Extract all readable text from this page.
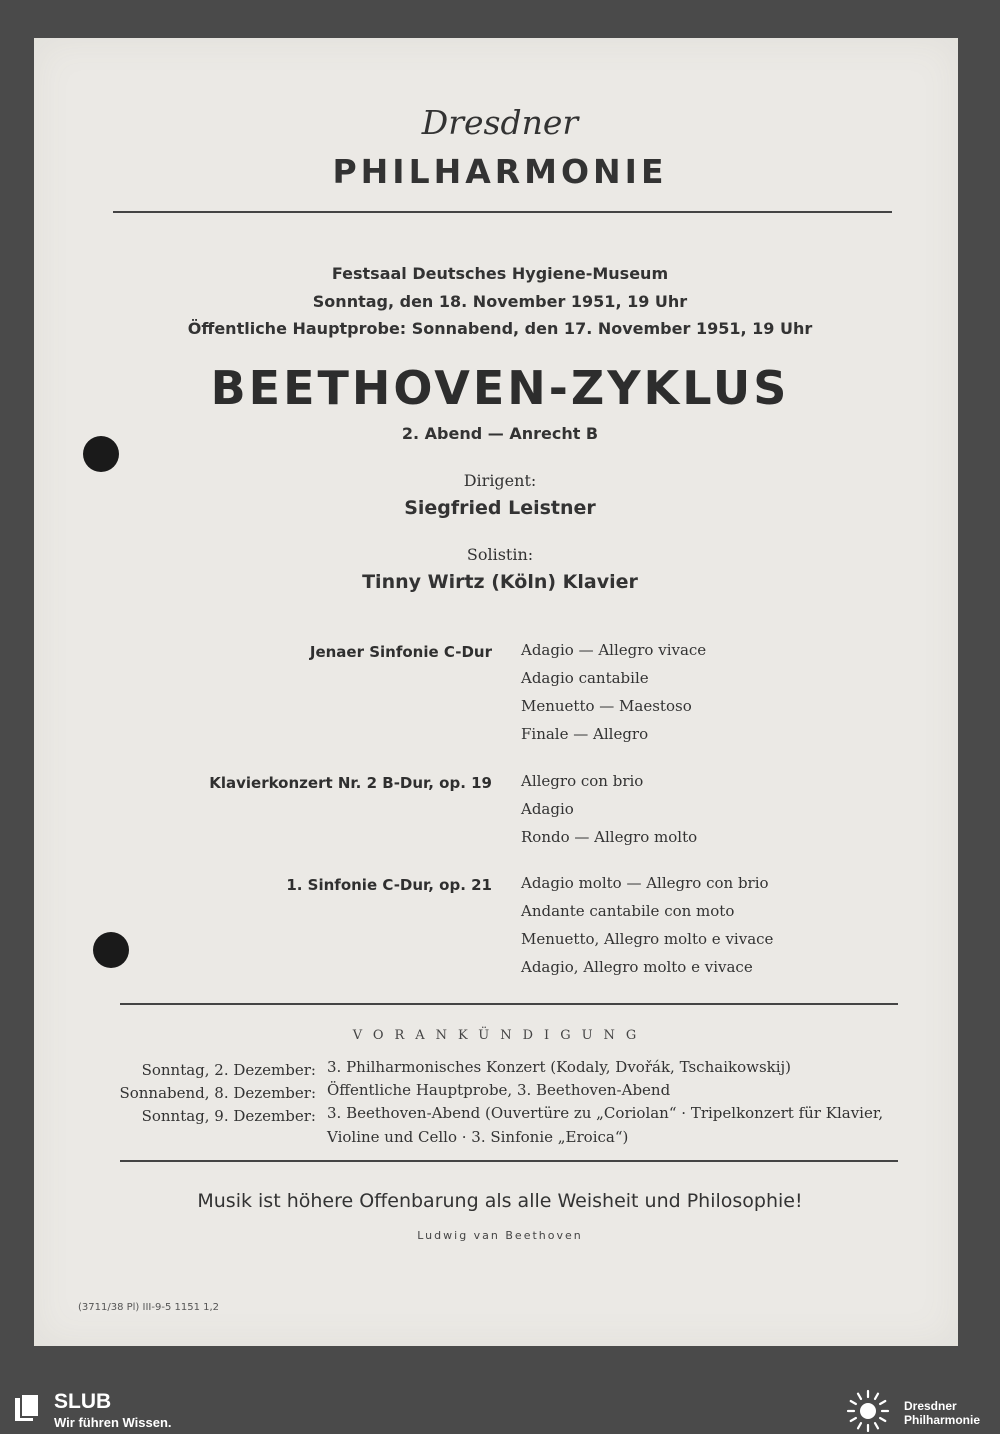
Dresdner
PHILHARMONIE
Festsaal Deutsches Hygiene-Museum
Sonntag, den 18. November 1951, 19 Uhr
Öffentliche Hauptprobe: Sonnabend, den 17. November 1951, 19 Uhr
BEETHOVEN-ZYKLUS
2. Abend — Anrecht B
Dirigent:
Siegfried Leistner
Solistin:
Tinny Wirtz (Köln) Klavier
Jenaer Sinfonie C-Dur Adagio — Allegro vivace
Adagio cantabile
Menuetto — Maestoso
Finale — Allegro
Klavierkonzert Nr. 2 B-Dur, op. 19 Allegro con brio
Adagio
Rondo — Allegro molto
1. Sinfonie C-Dur, op. 21 Adagio molto — Allegro con brio
Andante cantabile con moto
Menuetto, Allegro molto e vivace
Adagio, Allegro molto e vivace
VORANKÜNDIGUNG
Sonntag, 2. Dezember: 3. Philharmonisches Konzert (Kodaly, Dvořák, Tschaikowskij)
Sonnabend, 8. Dezember: Öffentliche Hauptprobe, 3. Beethoven-Abend
Sonntag, 9. Dezember: 3. Beethoven-Abend (Ouvertüre zu „Coriolan“ · Tripelkonzert für Klavier,
Violine und Cello · 3. Sinfonie „Eroica“)
Musik ist höhere Offenbarung als alle Weisheit und Philosophie!
Ludwig van Beethoven
(3711/38 Pl) III-9-5 1151 1,2
SLUB
Wir führen Wissen.
Dresdner
Philharmonie
